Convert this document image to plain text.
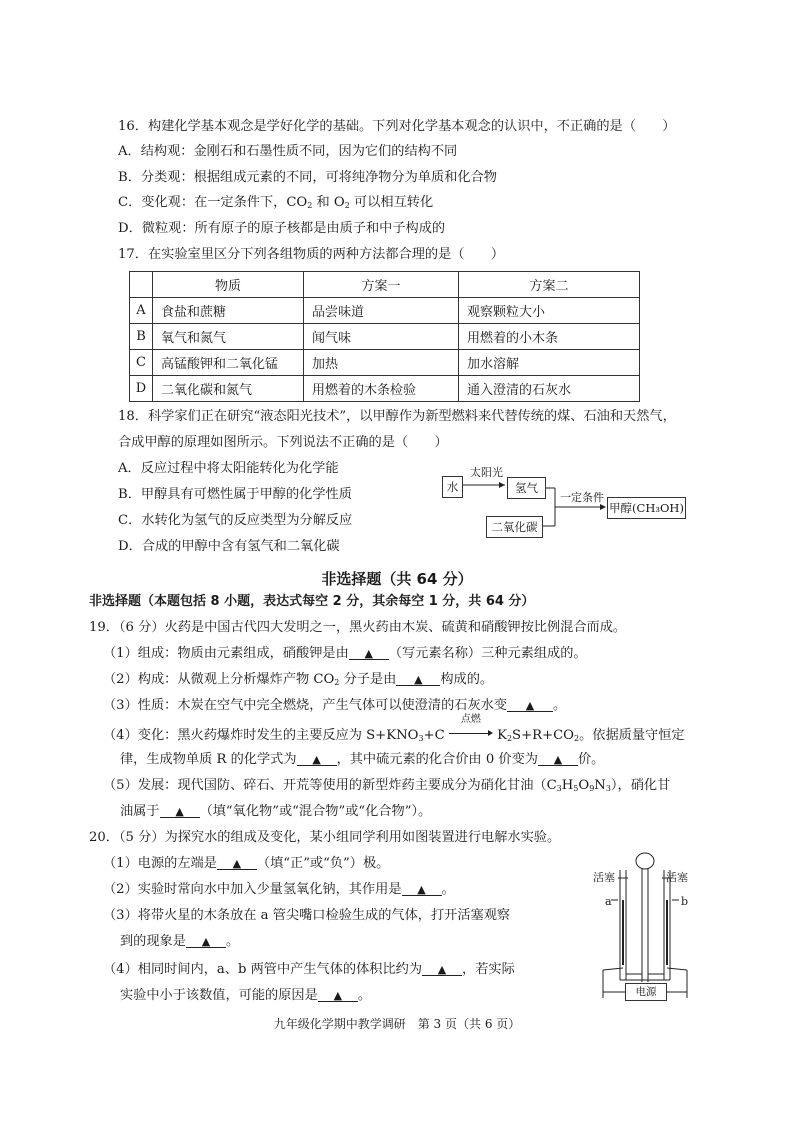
16．构建化学基本观念是学好化学的基础。下列对化学基本观念的认识中，不正确的是（　　）
A．结构观：金刚石和石墨性质不同，因为它们的结构不同
B．分类观：根据组成元素的不同，可将纯净物分为单质和化合物
C．变化观：在一定条件下，$CO_2$ 和 $O_2$ 可以相互转化
D．微粒观：所有原子的原子核都是由质子和中子构成的
17．在实验室里区分下列各组物质的两种方法都合理的是（　　）
	物质	方案一	方案二
A	食盐和蔗糖	品尝味道	观察颗粒大小
B	氧气和氮气	闻气味	用燃着的小木条
C	高锰酸钾和二氧化锰	加热	加水溶解
D	二氧化碳和氮气	用燃着的木条检验	通入澄清的石灰水
18．科学家们正在研究“液态阳光技术”，以甲醇作为新型燃料来代替传统的煤、石油和天然气，
合成甲醇的原理如图所示。下列说法不正确的是（　　）
A．反应过程中将太阳能转化为化学能
B．甲醇具有可燃性属于甲醇的化学性质
C．水转化为氢气的反应类型为分解反应
D．合成的甲醇中含有氢气和二氧化碳
水
太阳光
氢气
一定条件
二氧化碳
甲醇(CH₃OH)
非选择题（共 64 分）
非选择题（本题包括 8 小题，表达式每空 2 分，其余每空 1 分，共 64 分）
19．（6 分）火药是中国古代四大发明之一，黑火药由木炭、硫黄和硝酸钾按比例混合而成。
（1）组成：物质由元素组成，硝酸钾是由 ▲ （写元素名称）三种元素组成的。
（2）构成：从微观上分析爆炸产物 $CO_2$ 分子是由 ▲ 构成的。
（3）性质：木炭在空气中完全燃烧，产生气体可以使澄清的石灰水变 ▲ 。
（4）变化：黑火药爆炸时发生的主要反应为 $S+KNO_3+C$
点燃
$K_2S+R+CO_2$。依据质量守恒定
律，生成物单质 R 的化学式为 ▲ ，其中硫元素的化合价由 0 价变为 ▲ 价。
（5）发展：现代国防、碎石、开荒等使用的新型炸药主要成分为硝化甘油$(C_3H_5O_9N_3)$，硝化甘
油属于 ▲ （填“氧化物”或“混合物”或“化合物”）。
20．（5 分）为探究水的组成及变化，某小组同学利用如图装置进行电解水实验。
（1）电源的左端是 ▲ （填“正”或“负”）极。
（2）实验时常向水中加入少量氢氧化钠，其作用是 ▲ 。
（3）将带火星的木条放在 a 管尖嘴口检验生成的气体，打开活塞观察
到的现象是 ▲ 。
（4）相同时间内，a、b 两管中产生气体的体积比约为 ▲ ，若实际
实验中小于该数值，可能的原因是 ▲ 。
活塞	活塞
a	b
电源
九年级化学期中教学调研　第 3 页（共 6 页）
